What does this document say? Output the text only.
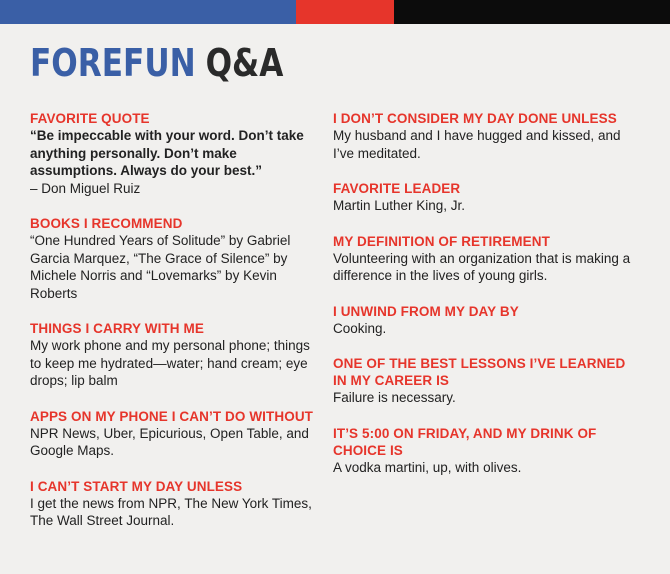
FOREFUN Q&A
FAVORITE QUOTE
“Be impeccable with your word. Don’t take anything personally. Don’t make assumptions. Always do your best.”
– Don Miguel Ruiz
BOOKS I RECOMMEND
“One Hundred Years of Solitude” by Gabriel Garcia Marquez, “The Grace of Silence” by Michele Norris and “Lovemarks” by Kevin Roberts
THINGS I CARRY WITH ME
My work phone and my personal phone; things to keep me hydrated—water; hand cream; eye drops; lip balm
APPS ON MY PHONE I CAN’T DO WITHOUT
NPR News, Uber, Epicurious, Open Table, and Google Maps.
I CAN’T START MY DAY UNLESS
I get the news from NPR, The New York Times, The Wall Street Journal.
I DON’T CONSIDER MY DAY DONE UNLESS
My husband and I have hugged and kissed, and I’ve meditated.
FAVORITE LEADER
Martin Luther King, Jr.
MY DEFINITION OF RETIREMENT
Volunteering with an organization that is making a difference in the lives of young girls.
I UNWIND FROM MY DAY BY
Cooking.
ONE OF THE BEST LESSONS I’VE LEARNED IN MY CAREER IS
Failure is necessary.
IT’S 5:00 ON FRIDAY, AND MY DRINK OF CHOICE IS
A vodka martini, up, with olives.
